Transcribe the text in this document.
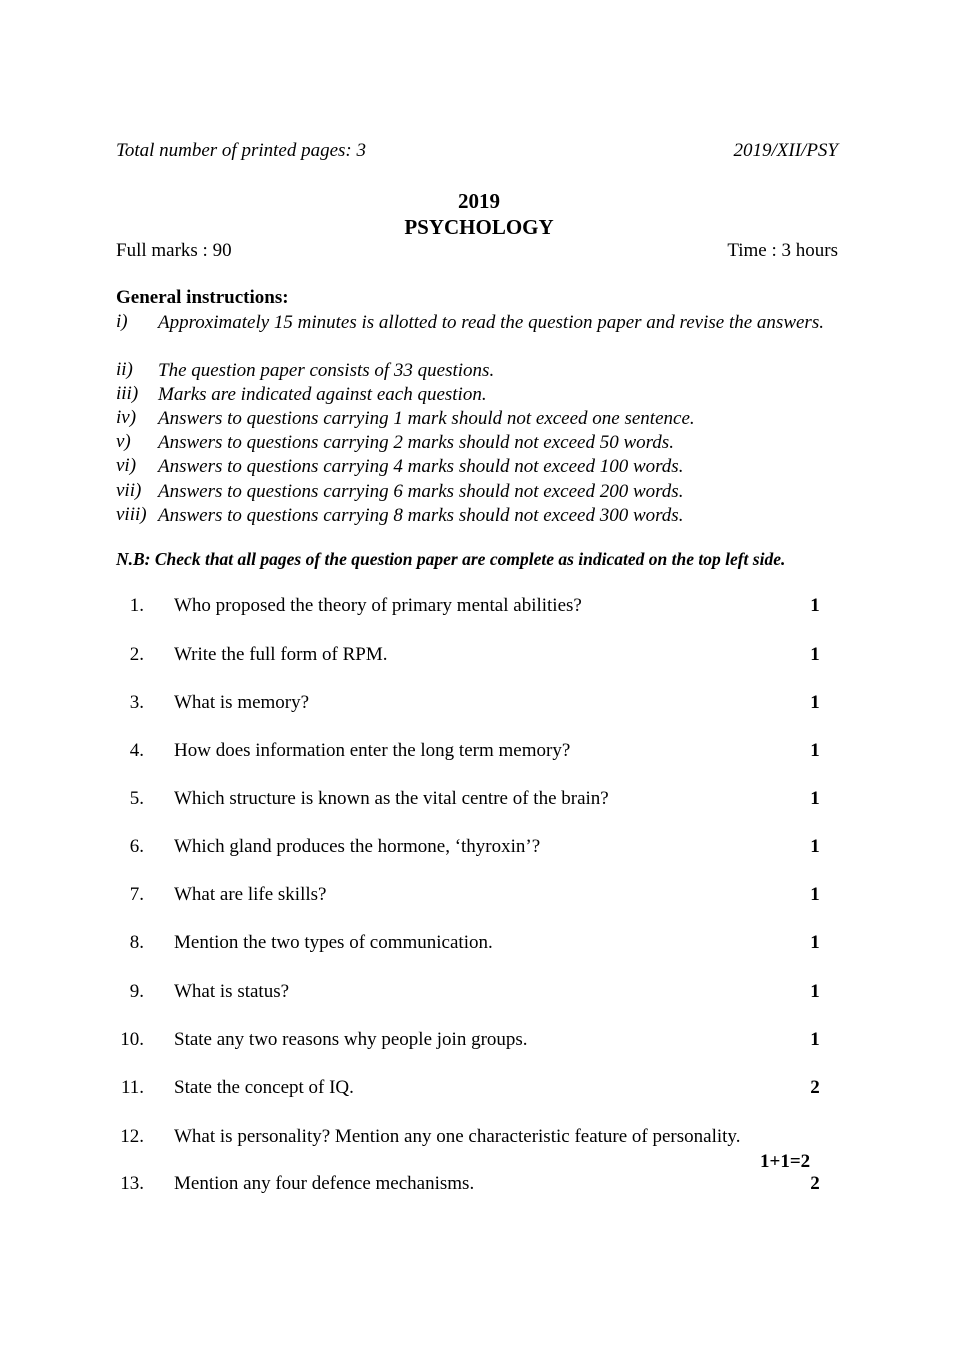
Total number of printed pages: 3	2019/XII/PSY
2019
PSYCHOLOGY
Full marks : 90	Time : 3 hours
General instructions:
i)	Approximately 15 minutes is allotted to read the question paper and revise the answers.
ii)	The question paper consists of 33 questions.
iii)	Marks are indicated against each question.
iv)	Answers to questions carrying 1 mark should not exceed one sentence.
v)	Answers to questions carrying 2 marks should not exceed 50 words.
vi)	Answers to questions carrying 4 marks should not exceed 100 words.
vii) Answers to questions carrying 6 marks should not exceed 200 words.
viii) Answers to questions carrying 8 marks should not exceed 300 words.
N.B: Check that all pages of the question paper are complete as indicated on the top left side.
1. Who proposed the theory of primary mental abilities?	1
2. Write the full form of RPM.	1
3. What is memory?	1
4. How does information enter the long term memory?	1
5. Which structure is known as the vital centre of the brain?	1
6. Which gland produces the hormone, ‘thyroxin’?	1
7. What are life skills?	1
8. Mention the two types of communication.	1
9. What is status?	1
10. State any two reasons why people join groups.	1
11. State the concept of IQ.	2
12. What is personality? Mention any one characteristic feature of personality.
1+1=2
13. Mention any four defence mechanisms.	2
